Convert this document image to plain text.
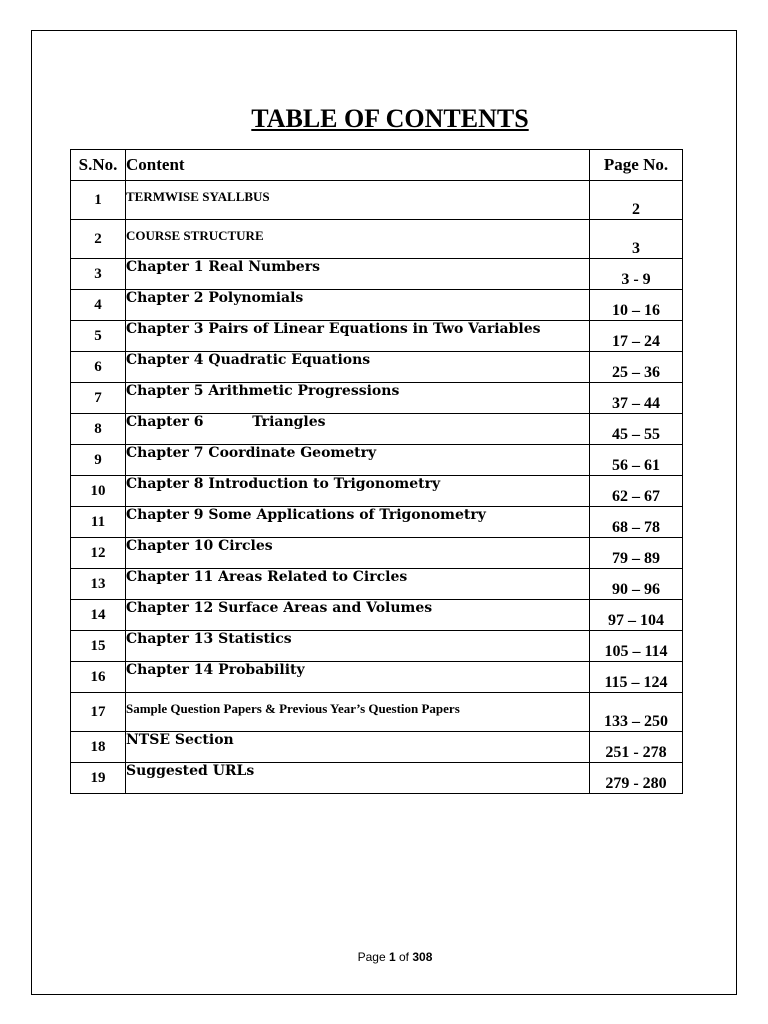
TABLE OF CONTENTS
S.No.	Content	Page No.
1	TERMWISE SYALLBUS	2
2	COURSE STRUCTURE	3
3	Chapter 1 Real Numbers	3 - 9
4	Chapter 2 Polynomials	10 – 16
5	Chapter 3 Pairs of Linear Equations in Two Variables	17 – 24
6	Chapter 4 Quadratic Equations	25 – 36
7	Chapter 5 Arithmetic Progressions	37 – 44
8	Chapter 6          Triangles	45 – 55
9	Chapter 7 Coordinate Geometry	56 – 61
10	Chapter 8 Introduction to Trigonometry	62 – 67
11	Chapter 9 Some Applications of Trigonometry	68 – 78
12	Chapter 10 Circles	79 – 89
13	Chapter 11 Areas Related to Circles	90 – 96
14	Chapter 12 Surface Areas and Volumes	97 – 104
15	Chapter 13 Statistics	105 – 114
16	Chapter 14 Probability	115 – 124
17	Sample Question Papers & Previous Year’s Question Papers	133 – 250
18	NTSE Section	251 - 278
19	Suggested URLs	279 - 280
Page 1 of 308
